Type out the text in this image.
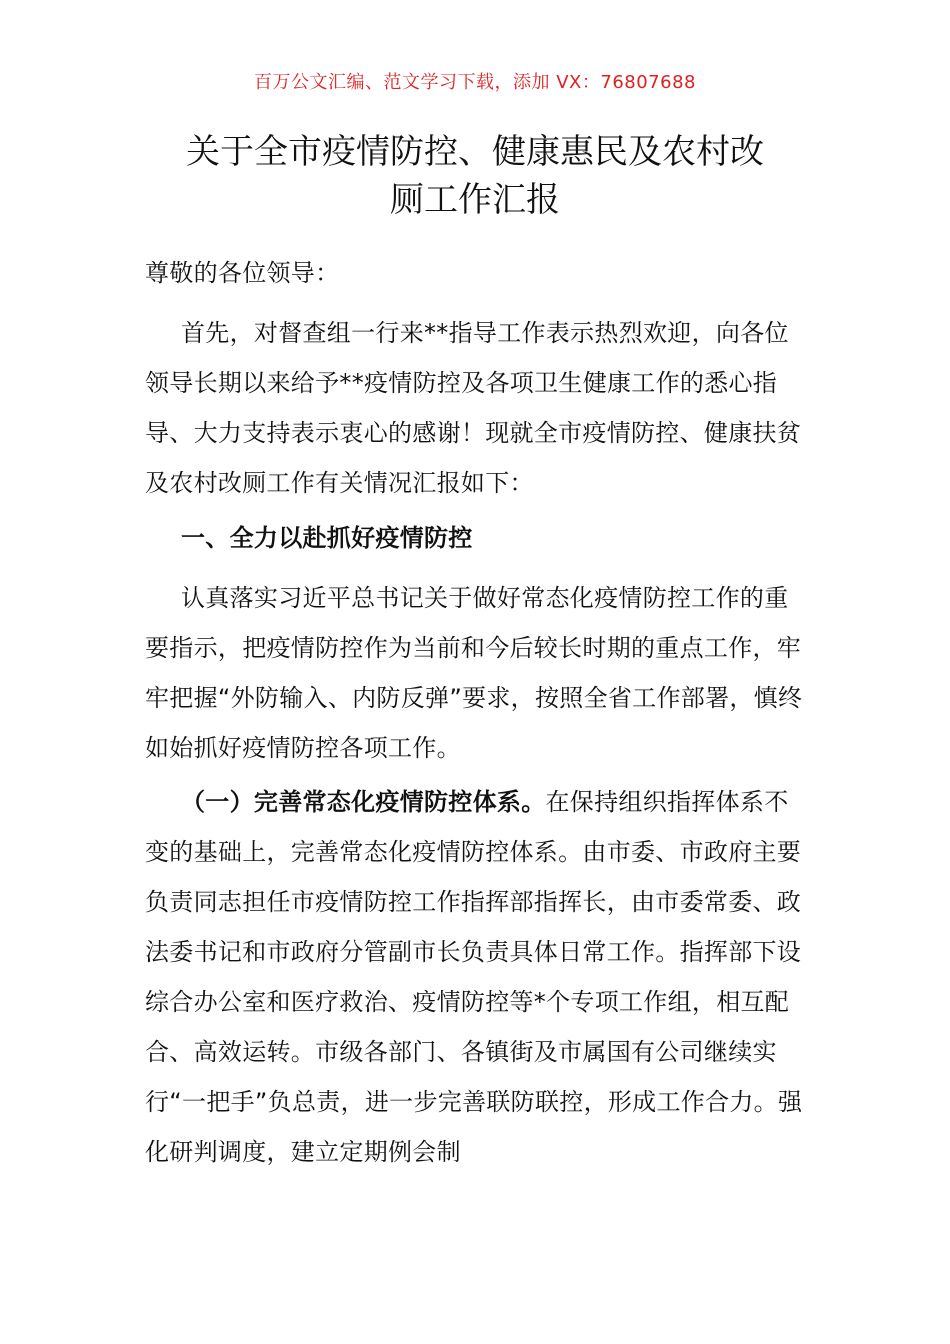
百万公文汇编、范文学习下载，添加 VX：76807688
关于全市疫情防控、健康惠民及农村改
厕工作汇报

尊敬的各位领导：

首先，对督查组一行来**指导工作表示热烈欢迎，向各位领导长期以来给予**疫情防控及各项卫生健康工作的悉心指导、大力支持表示衷心的感谢！现就全市疫情防控、健康扶贫及农村改厕工作有关情况汇报如下：

一、全力以赴抓好疫情防控

认真落实习近平总书记关于做好常态化疫情防控工作的重要指示，把疫情防控作为当前和今后较长时期的重点工作，牢牢把握“外防输入、内防反弹”要求，按照全省工作部署，慎终如始抓好疫情防控各项工作。

（一）完善常态化疫情防控体系。在保持组织指挥体系不变的基础上，完善常态化疫情防控体系。由市委、市政府主要负责同志担任市疫情防控工作指挥部指挥长，由市委常委、政法委书记和市政府分管副市长负责具体日常工作。指挥部下设综合办公室和医疗救治、疫情防控等*个专项工作组，相互配合、高效运转。市级各部门、各镇街及市属国有公司继续实行“一把手”负总责，进一步完善联防联控，形成工作合力。强化研判调度，建立定期例会制
